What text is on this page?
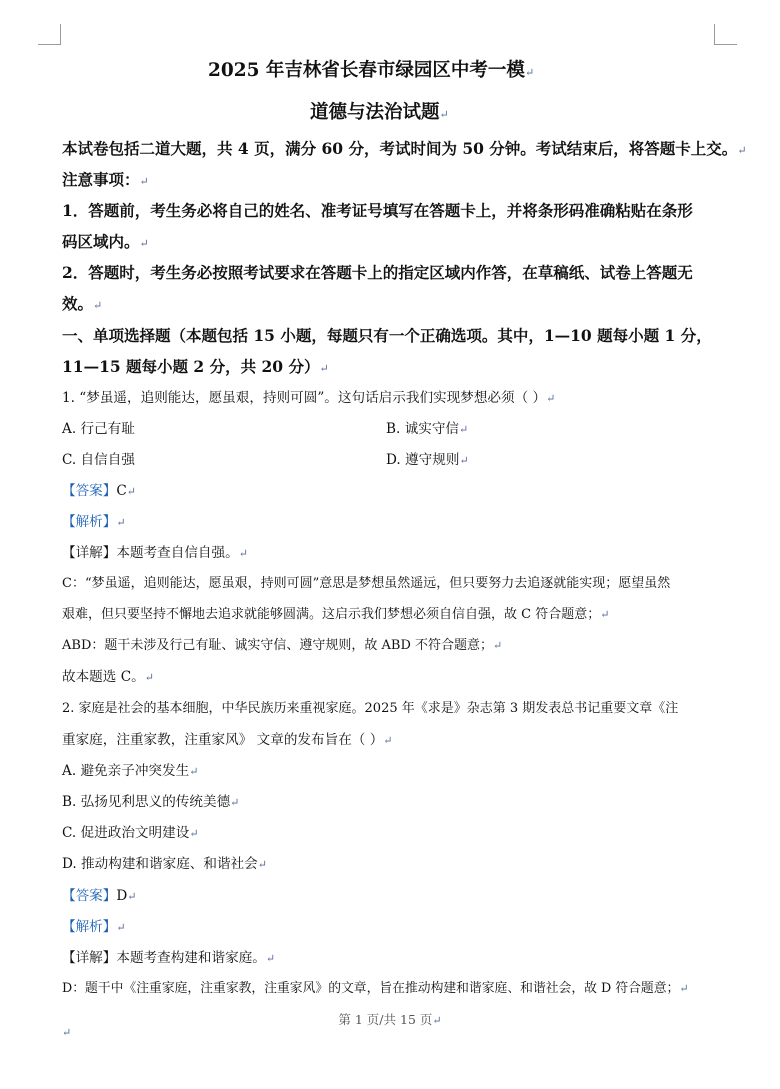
2025 年吉林省长春市绿园区中考一模↵
道德与法治试题↵
本试卷包括二道大题，共 4 页，满分 60 分，考试时间为 50 分钟。考试结束后，将答题卡上交。↵
注意事项：↵
1．答题前，考生务必将自己的姓名、准考证号填写在答题卡上，并将条形码准确粘贴在条形
码区域内。↵
2．答题时，考生务必按照考试要求在答题卡上的指定区域内作答，在草稿纸、试卷上答题无
效。↵
一、单项选择题（本题包括 15 小题，每题只有一个正确选项。其中，1—10 题每小题 1 分，
11—15 题每小题 2 分，共 20 分）↵
1. “梦虽遥，追则能达，愿虽艰，持则可圆”。这句话启示我们实现梦想必须（ ）↵
A. 行己有耻	B. 诚实守信↵
C. 自信自强	D. 遵守规则↵
【答案】C↵
【解析】↵
【详解】本题考查自信自强。↵
C：“梦虽遥，追则能达，愿虽艰，持则可圆”意思是梦想虽然遥远，但只要努力去追逐就能实现；愿望虽然
艰难，但只要坚持不懈地去追求就能够圆满。这启示我们梦想必须自信自强，故 C 符合题意；↵
ABD：题干未涉及行己有耻、诚实守信、遵守规则，故 ABD 不符合题意；↵
故本题选 C。↵
2. 家庭是社会的基本细胞，中华民族历来重视家庭。2025 年《求是》杂志第 3 期发表总书记重要文章《注
重家庭，注重家教，注重家风》 文章的发布旨在（ ）↵
A. 避免亲子冲突发生↵
B. 弘扬见利思义的传统美德↵
C. 促进政治文明建设↵
D. 推动构建和谐家庭、和谐社会↵
【答案】D↵
【解析】↵
【详解】本题考查构建和谐家庭。↵
D：题干中《注重家庭，注重家教，注重家风》的文章，旨在推动构建和谐家庭、和谐社会，故 D 符合题意；↵
第 1 页/共 15 页↵
↵
